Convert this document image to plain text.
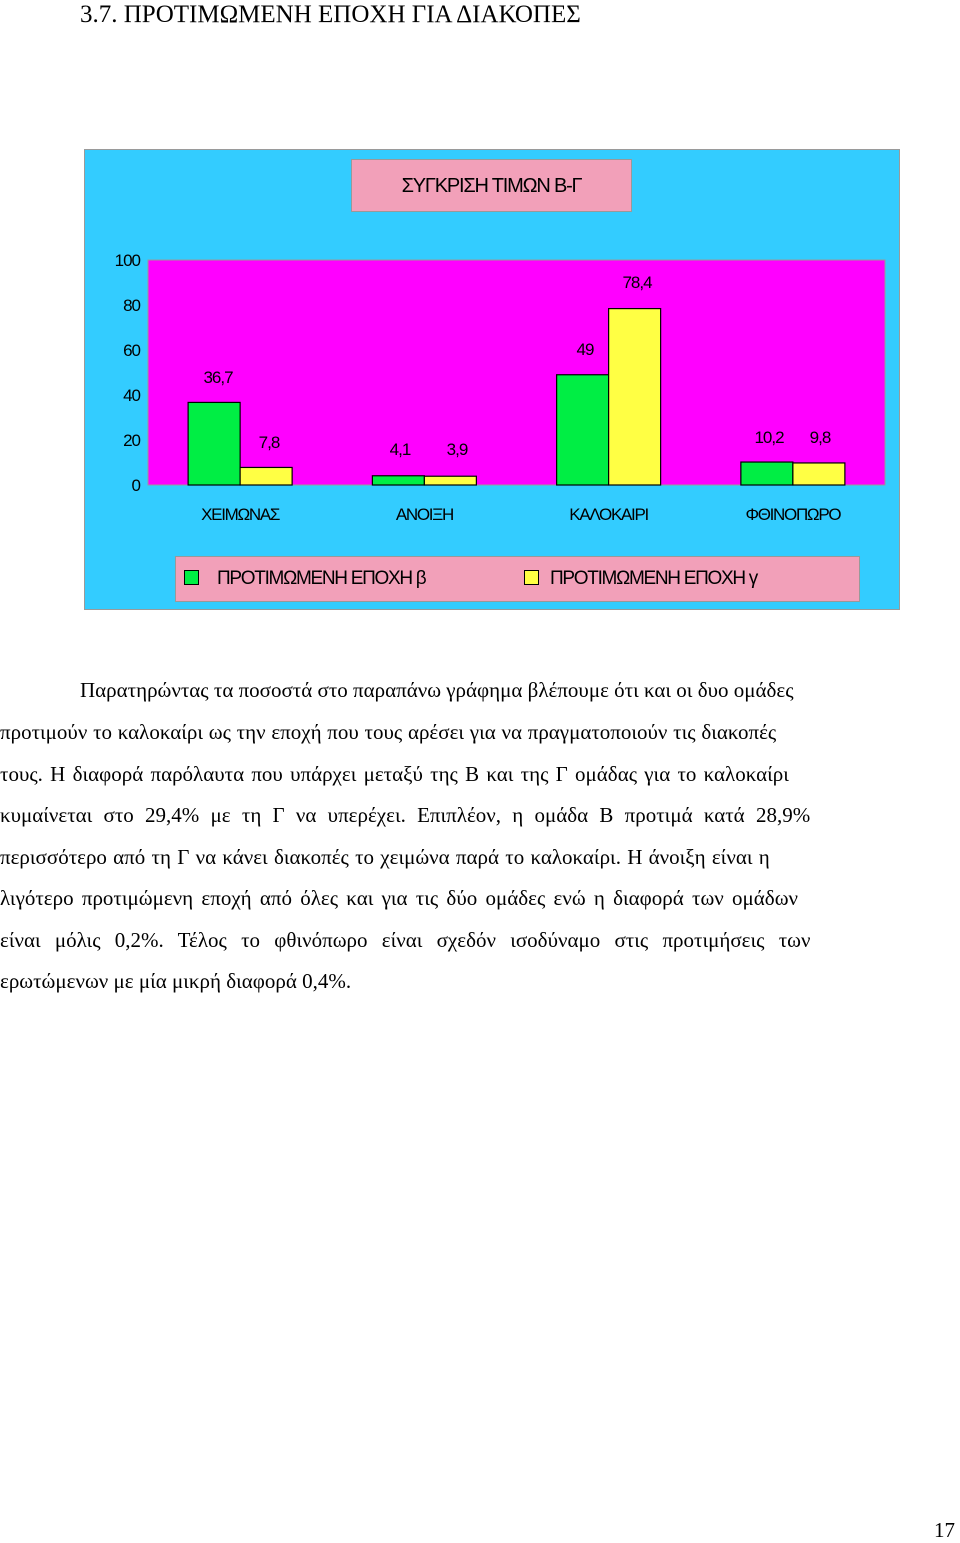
3.7. ΠΡΟΤΙΜΩΜΕΝΗ ΕΠΟΧΗ ΓΙΑ ΔΙΑΚΟΠΕΣ
0
20
40
60
80
100
ΧΕΙΜΩΝΑΣ	ΑΝΟΙΞΗ	ΚΑΛΟΚΑΙΡΙ	ΦΘΙΝΟΠΩΡΟ
36,7
4,1
49
10,2
7,8	3,9
78,4
9,8
ΣΥΓΚΡΙΣΗ ΤΙΜΩΝ Β-Γ
ΠΡΟΤΙΜΩΜΕΝΗ ΕΠΟΧΗ β	ΠΡΟΤΙΜΩΜΕΝΗ ΕΠΟΧΗ γ
Παρατηρώντας τα ποσοστά στο παραπάνω γράφημα βλέπουμε ότι και οι δυο ομάδες
προτιμούν το καλοκαίρι ως την εποχή που τους αρέσει για να πραγματοποιούν τις διακοπές
τους. Η διαφορά παρόλαυτα που υπάρχει μεταξύ της Β και της Γ ομάδας για το καλοκαίρι
κυμαίνεται στο 29,4% με τη Γ να υπερέχει. Επιπλέον, η ομάδα Β προτιμά κατά 28,9%
περισσότερο από τη Γ να κάνει διακοπές το χειμώνα παρά το καλοκαίρι. Η άνοιξη είναι η
λιγότερο προτιμώμενη εποχή από όλες και για τις δύο ομάδες ενώ η διαφορά των ομάδων
είναι μόλις 0,2%. Τέλος το φθινόπωρο είναι σχεδόν ισοδύναμο στις προτιμήσεις των
ερωτώμενων με μία μικρή διαφορά 0,4%.
17
